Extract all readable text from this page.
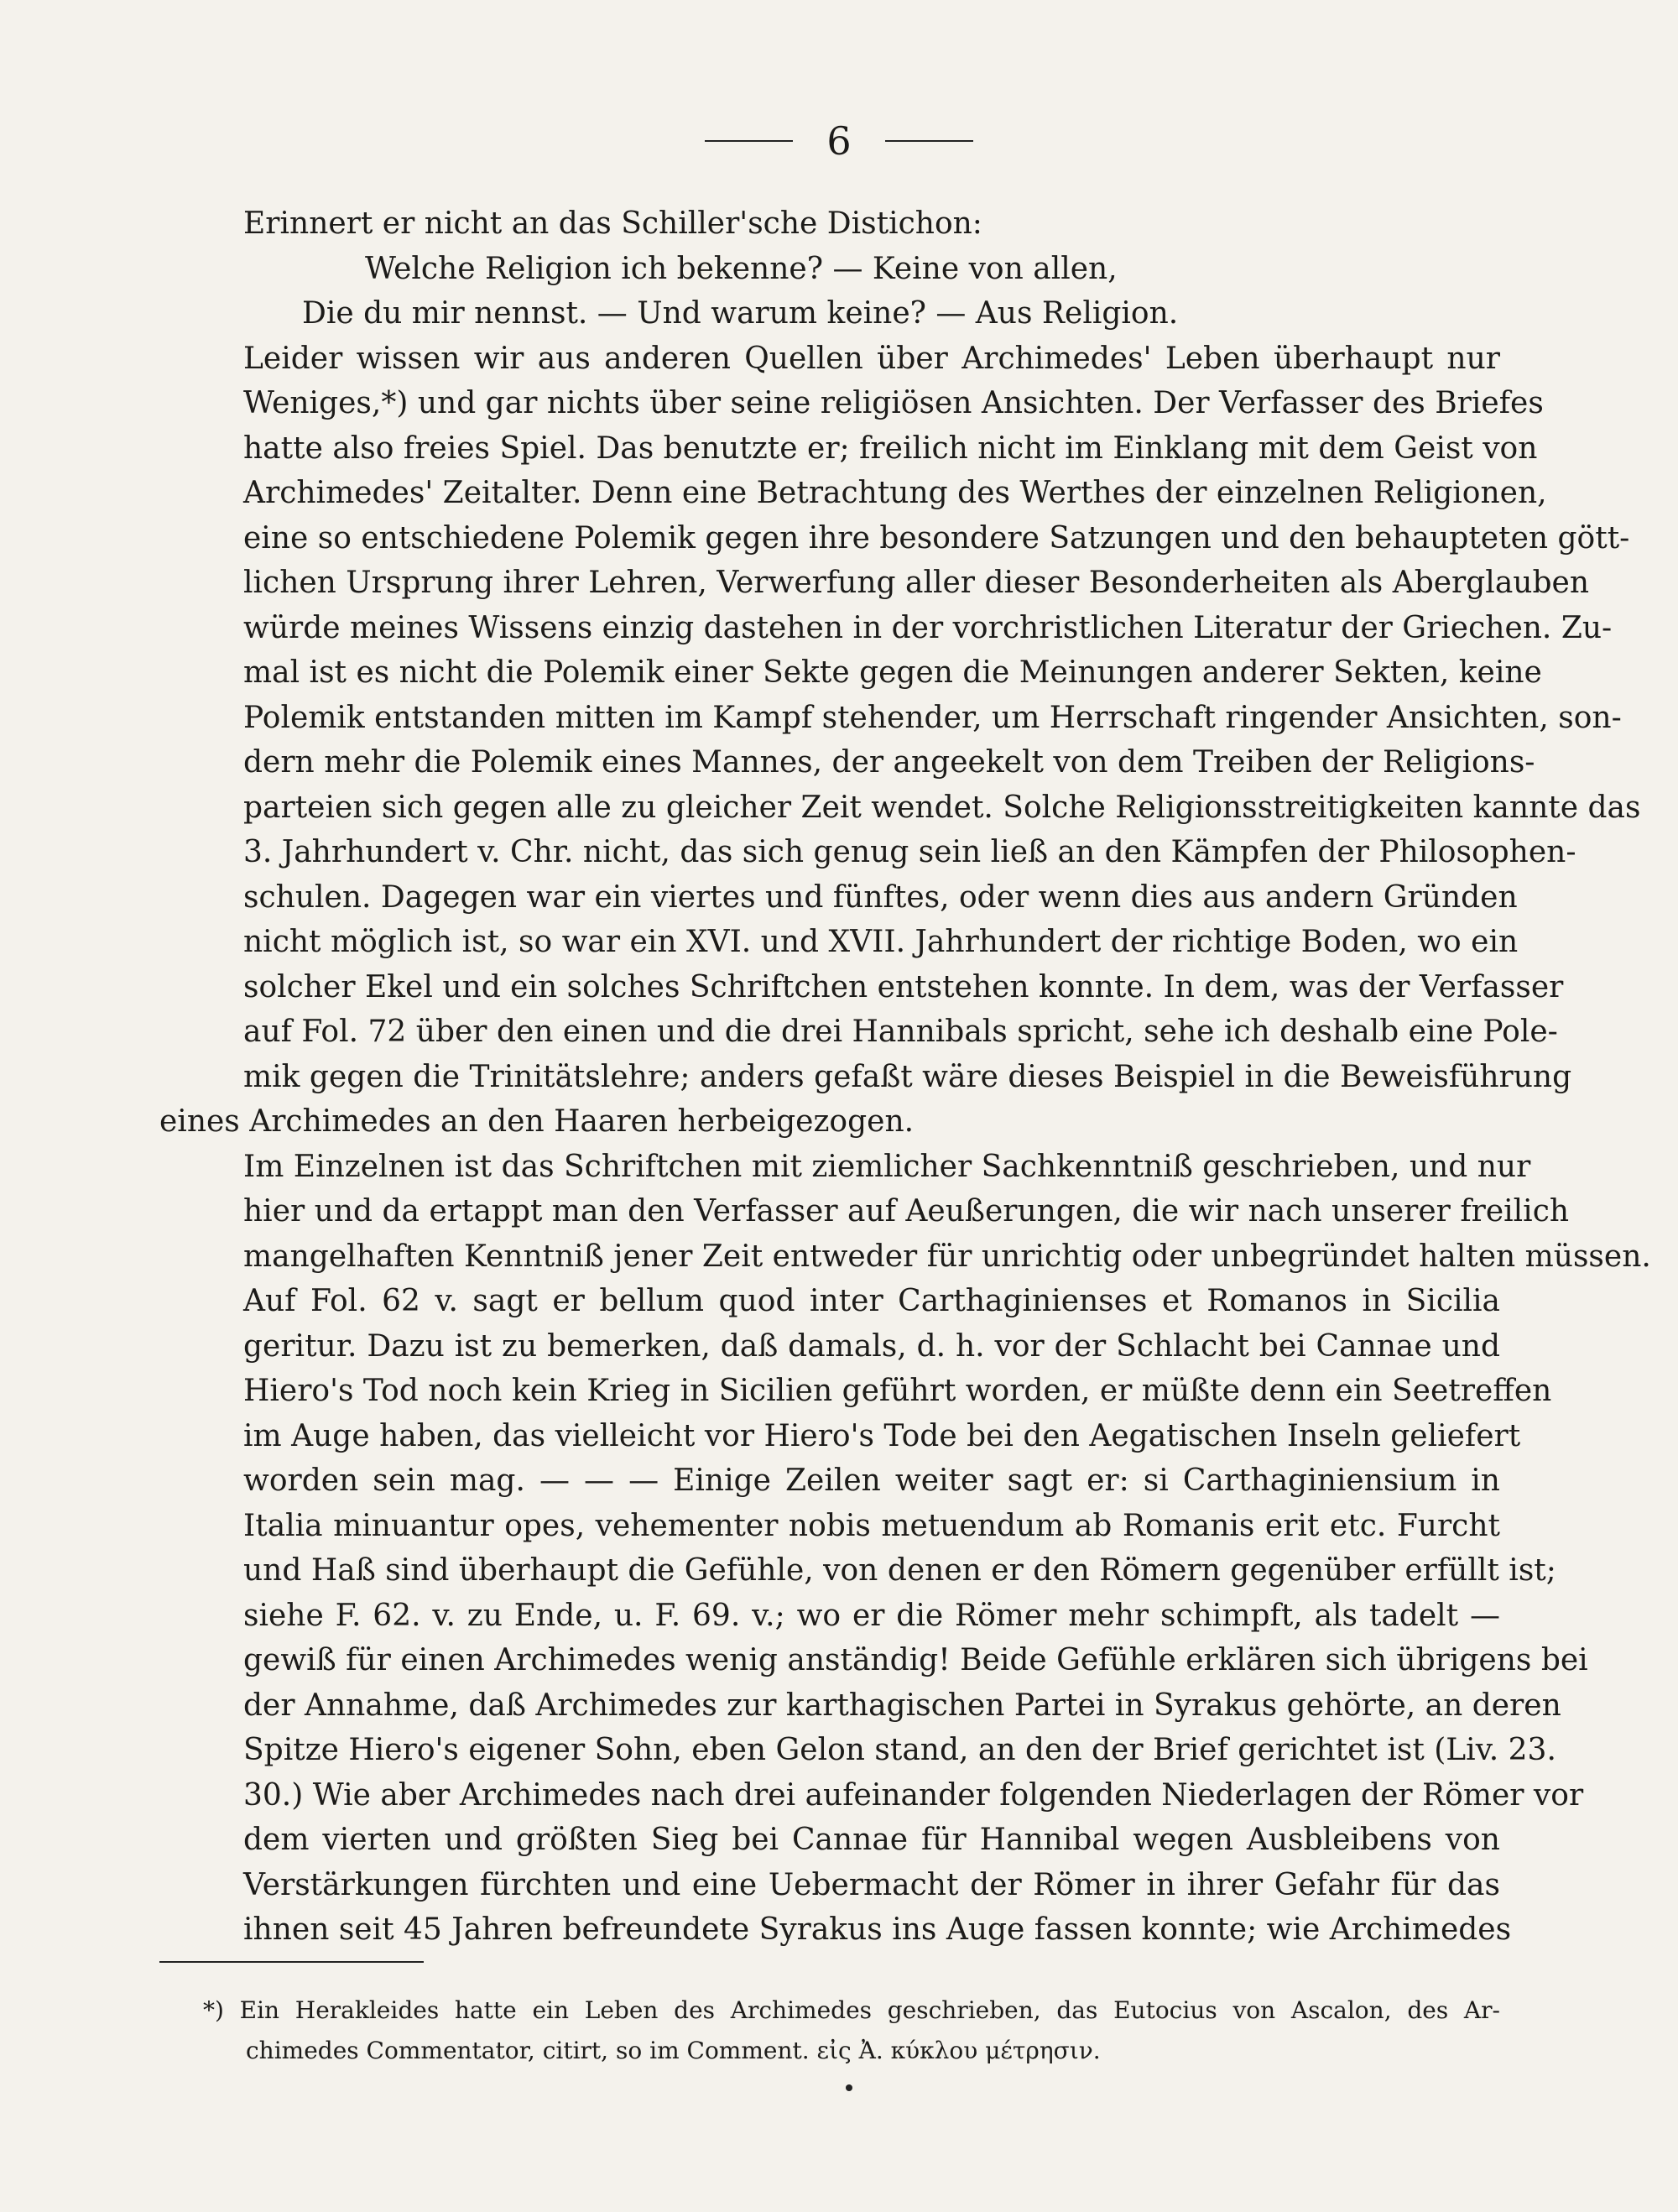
6

Erinnert er nicht an das Schiller'sche Distichon:

Welche Religion ich bekenne? — Keine von allen,

Die du mir nennst. — Und warum keine? — Aus Religion.

Leider wissen wir aus anderen Quellen über Archimedes' Leben überhaupt nur
Weniges,*) und gar nichts über seine religiösen Ansichten. Der Verfasser des Briefes
hatte also freies Spiel. Das benutzte er; freilich nicht im Einklang mit dem Geist von
Archimedes' Zeitalter. Denn eine Betrachtung des Werthes der einzelnen Religionen,
eine so entschiedene Polemik gegen ihre besondere Satzungen und den behaupteten gött-
lichen Ursprung ihrer Lehren, Verwerfung aller dieser Besonderheiten als Aberglauben
würde meines Wissens einzig dastehen in der vorchristlichen Literatur der Griechen. Zu-
mal ist es nicht die Polemik einer Sekte gegen die Meinungen anderer Sekten, keine
Polemik entstanden mitten im Kampf stehender, um Herrschaft ringender Ansichten, son-
dern mehr die Polemik eines Mannes, der angeekelt von dem Treiben der Religions-
parteien sich gegen alle zu gleicher Zeit wendet. Solche Religionsstreitigkeiten kannte das
3. Jahrhundert v. Chr. nicht, das sich genug sein ließ an den Kämpfen der Philosophen-
schulen. Dagegen war ein viertes und fünftes, oder wenn dies aus andern Gründen
nicht möglich ist, so war ein XVI. und XVII. Jahrhundert der richtige Boden, wo ein
solcher Ekel und ein solches Schriftchen entstehen konnte. In dem, was der Verfasser
auf Fol. 72 über den einen und die drei Hannibals spricht, sehe ich deshalb eine Pole-
mik gegen die Trinitätslehre; anders gefaßt wäre dieses Beispiel in die Beweisführung
eines Archimedes an den Haaren herbeigezogen.

Im Einzelnen ist das Schriftchen mit ziemlicher Sachkenntniß geschrieben, und nur
hier und da ertappt man den Verfasser auf Aeußerungen, die wir nach unserer freilich
mangelhaften Kenntniß jener Zeit entweder für unrichtig oder unbegründet halten müssen.
Auf Fol. 62 v. sagt er bellum quod inter Carthaginienses et Romanos in Sicilia
geritur. Dazu ist zu bemerken, daß damals, d. h. vor der Schlacht bei Cannae und
Hiero's Tod noch kein Krieg in Sicilien geführt worden, er müßte denn ein Seetreffen
im Auge haben, das vielleicht vor Hiero's Tode bei den Aegatischen Inseln geliefert
worden sein mag. — — — Einige Zeilen weiter sagt er: si Carthaginiensium in
Italia minuantur opes, vehementer nobis metuendum ab Romanis erit etc. Furcht
und Haß sind überhaupt die Gefühle, von denen er den Römern gegenüber erfüllt ist;
siehe F. 62. v. zu Ende, u. F. 69. v.; wo er die Römer mehr schimpft, als tadelt —
gewiß für einen Archimedes wenig anständig! Beide Gefühle erklären sich übrigens bei
der Annahme, daß Archimedes zur karthagischen Partei in Syrakus gehörte, an deren
Spitze Hiero's eigener Sohn, eben Gelon stand, an den der Brief gerichtet ist (Liv. 23.
30.) Wie aber Archimedes nach drei aufeinander folgenden Niederlagen der Römer vor
dem vierten und größten Sieg bei Cannae für Hannibal wegen Ausbleibens von
Verstärkungen fürchten und eine Uebermacht der Römer in ihrer Gefahr für das
ihnen seit 45 Jahren befreundete Syrakus ins Auge fassen konnte; wie Archimedes

*) Ein Herakleides hatte ein Leben des Archimedes geschrieben, das Eutocius von Ascalon, des Ar-
chimedes Commentator, citirt, so im Comment. εἰς Ἀ. κύκλου μέτρησιν.
